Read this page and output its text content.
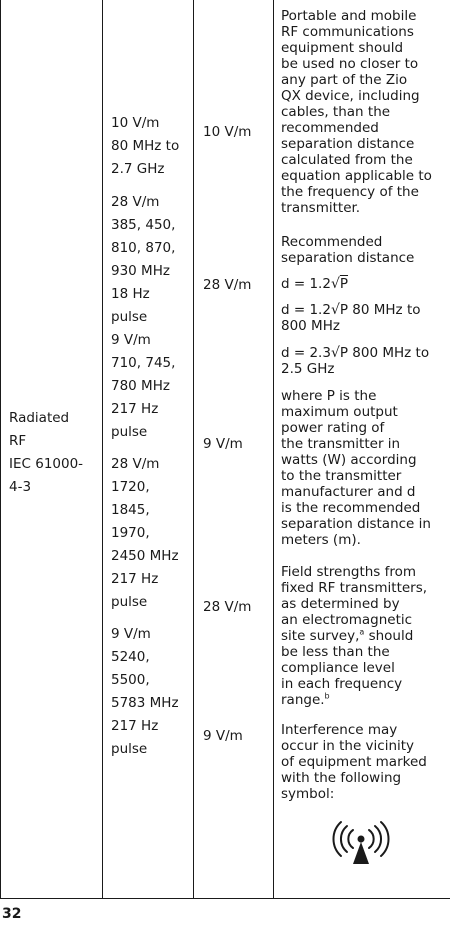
Radiated
RF
IEC 61000-
4-3
10 V/m
80 MHz to
2.7 GHz
28 V/m
385, 450,
810, 870,
930 MHz
18 Hz
pulse
9 V/m
710, 745,
780 MHz
217 Hz
pulse
28 V/m
1720,
1845,
1970,
2450 MHz
217 Hz
pulse
9 V/m
5240,
5500,
5783 MHz
217 Hz
pulse
10 V/m
28 V/m
9 V/m
28 V/m
9 V/m
Portable and mobile
RF communications
equipment should
be used no closer to
any part of the Zio
QX device, including
cables, than the
recommended
separation distance
calculated from the
equation applicable to
the frequency of the
transmitter.
Recommended
separation distance
d = 1.2√P
d = 1.2√P 80 MHz to
800 MHz
d = 2.3√P 800 MHz to
2.5 GHz
where P is the
maximum output
power rating of
the transmitter in
watts (W) according
to the transmitter
manufacturer and d
is the recommended
separation distance in
meters (m).
Field strengths from
fixed RF transmitters,
as determined by
an electromagnetic
site survey,$^a$ should
be less than the
compliance level
in each frequency
range.$^b$
Interference may
occur in the vicinity
of equipment marked
with the following
symbol:
32
